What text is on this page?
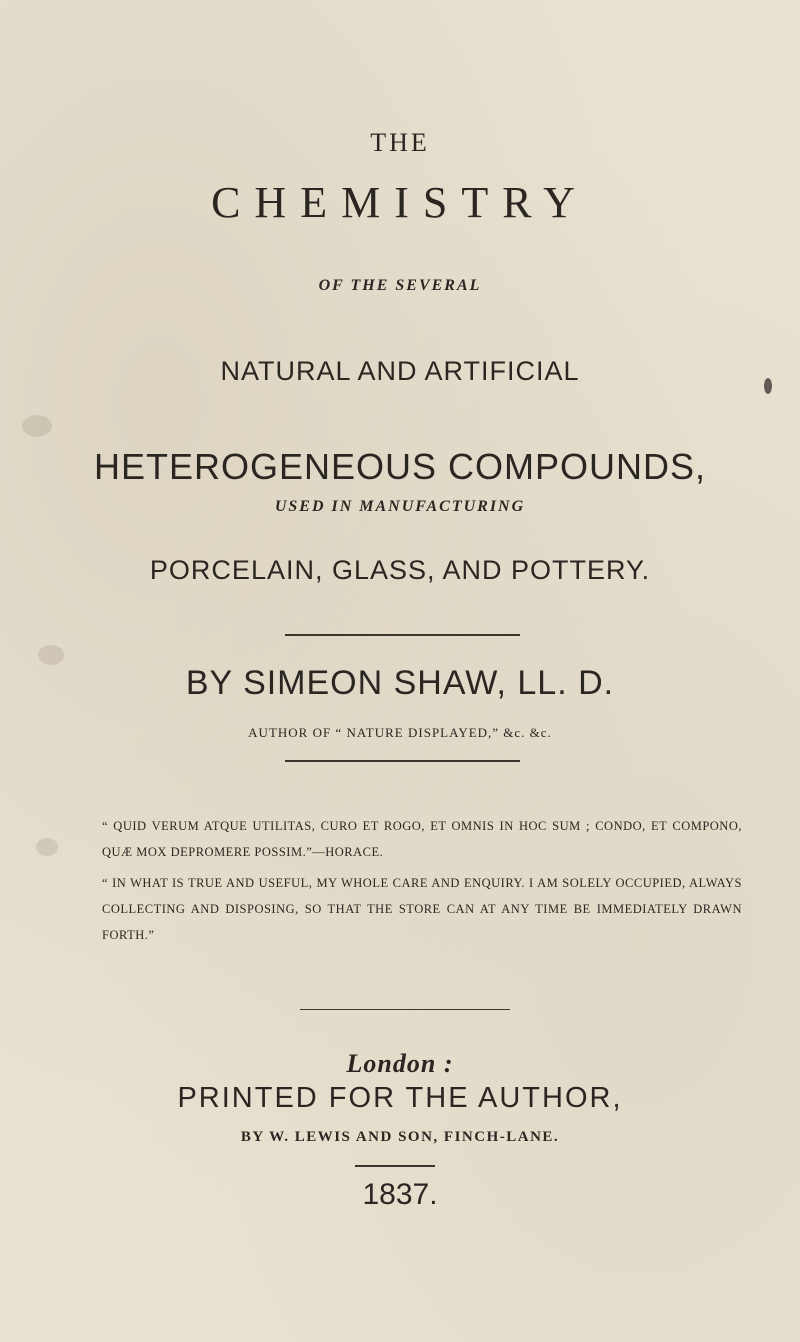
THE
CHEMISTRY
OF THE SEVERAL
NATURAL AND ARTIFICIAL
HETEROGENEOUS COMPOUNDS,
USED IN MANUFACTURING
PORCELAIN, GLASS, AND POTTERY.
BY SIMEON SHAW, LL. D.
AUTHOR OF “ NATURE DISPLAYED,” &c. &c.
“ QUID VERUM ATQUE UTILITAS, CURO ET ROGO, ET OMNIS IN HOC SUM ; CONDO, ET COMPONO, QUÆ MOX DEPROMERE POSSIM.”—HORACE.
“ IN WHAT IS TRUE AND USEFUL, MY WHOLE CARE AND ENQUIRY. I AM SOLELY OCCUPIED, ALWAYS COLLECTING AND DISPOSING, SO THAT THE STORE CAN AT ANY TIME BE IMMEDIATELY DRAWN FORTH.”
London :
PRINTED FOR THE AUTHOR,
BY W. LEWIS AND SON, FINCH-LANE.
1837.
